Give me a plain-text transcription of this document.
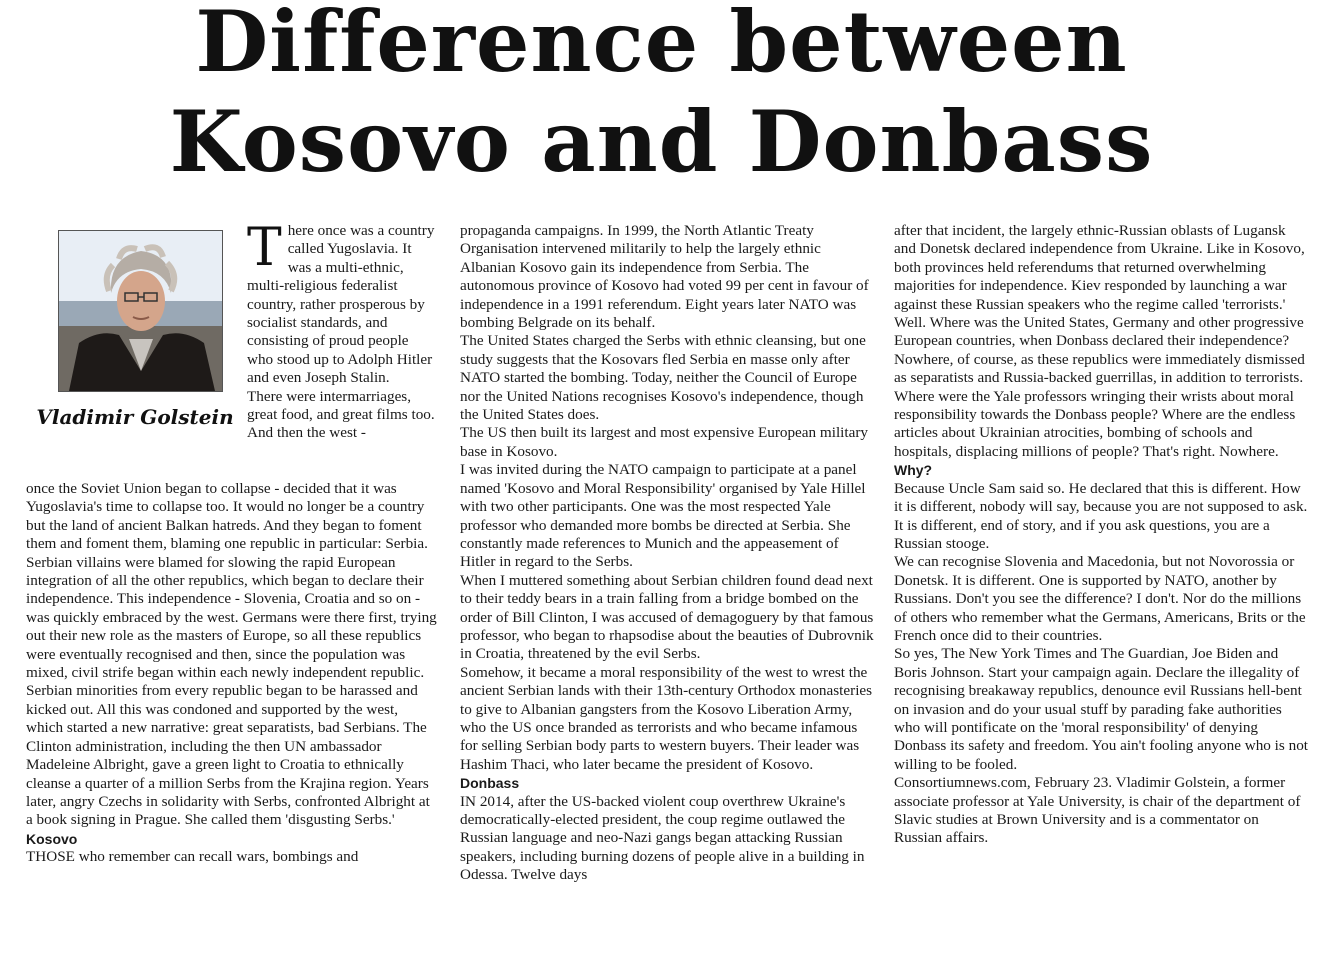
Difference between
Kosovo and Donbass
Vladimir Golstein
T here once was a country called Yugoslavia. It was a multi-ethnic, multi-religious federalist country, rather prosperous by socialist standards, and consisting of proud people who stood up to Adolph Hitler and even Joseph Stalin.

There were intermarriages, great food, and great films too. And then the west -

once the Soviet Union began to collapse - decided that it was Yugoslavia's time to collapse too. It would no longer be a country but the land of ancient Balkan hatreds. And they began to foment them and foment them, blaming one republic in particular: Serbia.

Serbian villains were blamed for slowing the rapid European integration of all the other republics, which began to declare their independence. This independence - Slovenia, Croatia and so on - was quickly embraced by the west. Germans were there first, trying out their new role as the masters of Europe, so all these republics were eventually recognised and then, since the population was mixed, civil strife began within each newly independent republic.

Serbian minorities from every republic began to be harassed and kicked out. All this was condoned and supported by the west, which started a new narrative: great separatists, bad Serbians. The Clinton administration, including the then UN ambassador Madeleine Albright, gave a green light to Croatia to ethnically cleanse a quarter of a million Serbs from the Krajina region. Years later, angry Czechs in solidarity with Serbs, confronted Albright at a book signing in Prague. She called them 'disgusting Serbs.'

Kosovo

THOSE who remember can recall wars, bombings and

propaganda campaigns. In 1999, the North Atlantic Treaty Organisation intervened militarily to help the largely ethnic Albanian Kosovo gain its independence from Serbia. The autonomous province of Kosovo had voted 99 per cent in favour of independence in a 1991 referendum. Eight years later NATO was bombing Belgrade on its behalf.

The United States charged the Serbs with ethnic cleansing, but one study suggests that the Kosovars fled Serbia en masse only after NATO started the bombing. Today, neither the Council of Europe nor the United Nations recognises Kosovo's independence, though the United States does.

The US then built its largest and most expensive European military base in Kosovo.

I was invited during the NATO campaign to participate at a panel named 'Kosovo and Moral Responsibility' organised by Yale Hillel with two other participants. One was the most respected Yale professor who demanded more bombs be directed at Serbia. She constantly made references to Munich and the appeasement of Hitler in regard to the Serbs.

When I muttered something about Serbian children found dead next to their teddy bears in a train falling from a bridge bombed on the order of Bill Clinton, I was accused of demagoguery by that famous professor, who began to rhapsodise about the beauties of Dubrovnik in Croatia, threatened by the evil Serbs.

Somehow, it became a moral responsibility of the west to wrest the ancient Serbian lands with their 13th-century Orthodox monasteries to give to Albanian gangsters from the Kosovo Liberation Army, who the US once branded as terrorists and who became infamous for selling Serbian body parts to western buyers. Their leader was Hashim Thaci, who later became the president of Kosovo.

Donbass

IN 2014, after the US-backed violent coup overthrew Ukraine's democratically-elected president, the coup regime outlawed the Russian language and neo-Nazi gangs began attacking Russian speakers, including burning dozens of people alive in a building in Odessa. Twelve days

after that incident, the largely ethnic-Russian oblasts of Lugansk and Donetsk declared independence from Ukraine. Like in Kosovo, both provinces held referendums that returned overwhelming majorities for independence. Kiev responded by launching a war against these Russian speakers who the regime called 'terrorists.'

Well. Where was the United States, Germany and other progressive European countries, when Donbass declared their independence? Nowhere, of course, as these republics were immediately dismissed as separatists and Russia-backed guerrillas, in addition to terrorists. Where were the Yale professors wringing their wrists about moral responsibility towards the Donbass people? Where are the endless articles about Ukrainian atrocities, bombing of schools and hospitals, displacing millions of people? That's right. Nowhere.

Why?

Because Uncle Sam said so. He declared that this is different. How it is different, nobody will say, because you are not supposed to ask. It is different, end of story, and if you ask questions, you are a Russian stooge.

We can recognise Slovenia and Macedonia, but not Novorossia or Donetsk. It is different. One is supported by NATO, another by Russians. Don't you see the difference? I don't. Nor do the millions of others who remember what the Germans, Americans, Brits or the French once did to their countries.

So yes, The New York Times and The Guardian, Joe Biden and Boris Johnson. Start your campaign again. Declare the illegality of recognising breakaway republics, denounce evil Russians hell-bent on invasion and do your usual stuff by parading fake authorities who will pontificate on the 'moral responsibility' of denying Donbass its safety and freedom. You ain't fooling anyone who is not willing to be fooled.

Consortiumnews.com, February 23. Vladimir Golstein, a former associate professor at Yale University, is chair of the department of Slavic studies at Brown University and is a commentator on Russian affairs.
